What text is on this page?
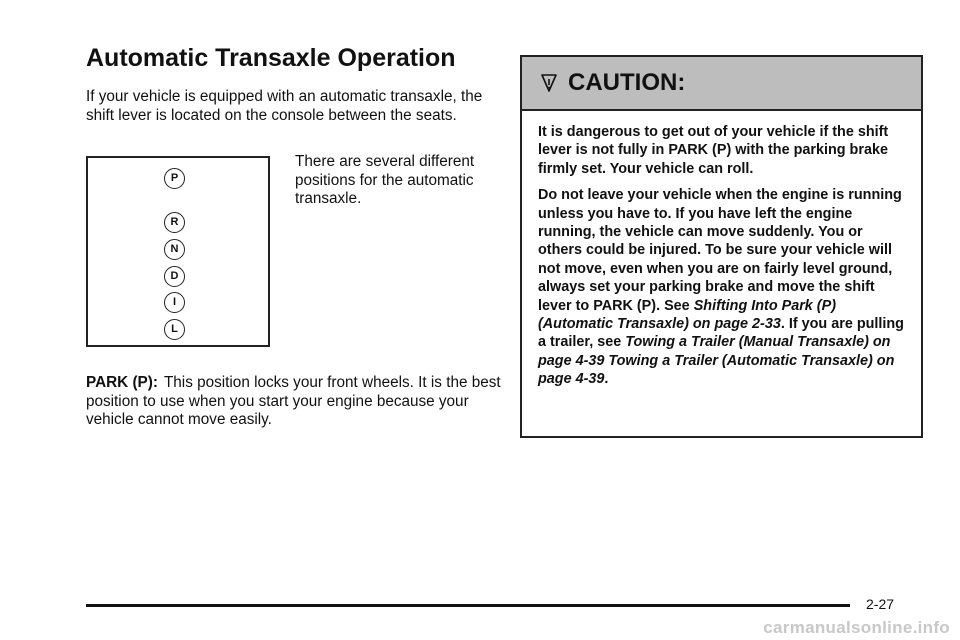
Automatic Transaxle Operation

If your vehicle is equipped with an automatic transaxle, the shift lever is located on the console between the seats.

P
R
N
D
I
L

There are several different positions for the automatic transaxle.

PARK (P): This position locks your front wheels. It is the best position to use when you start your engine because your vehicle cannot move easily.

CAUTION:

It is dangerous to get out of your vehicle if the shift lever is not fully in PARK (P) with the parking brake firmly set. Your vehicle can roll.

Do not leave your vehicle when the engine is running unless you have to. If you have left the engine running, the vehicle can move suddenly. You or others could be injured. To be sure your vehicle will not move, even when you are on fairly level ground, always set your parking brake and move the shift lever to PARK (P). See Shifting Into Park (P) (Automatic Transaxle) on page 2-33. If you are pulling a trailer, see Towing a Trailer (Manual Transaxle) on page 4-39 Towing a Trailer (Automatic Transaxle) on page 4-39.

2-27
carmanualsonline.info
